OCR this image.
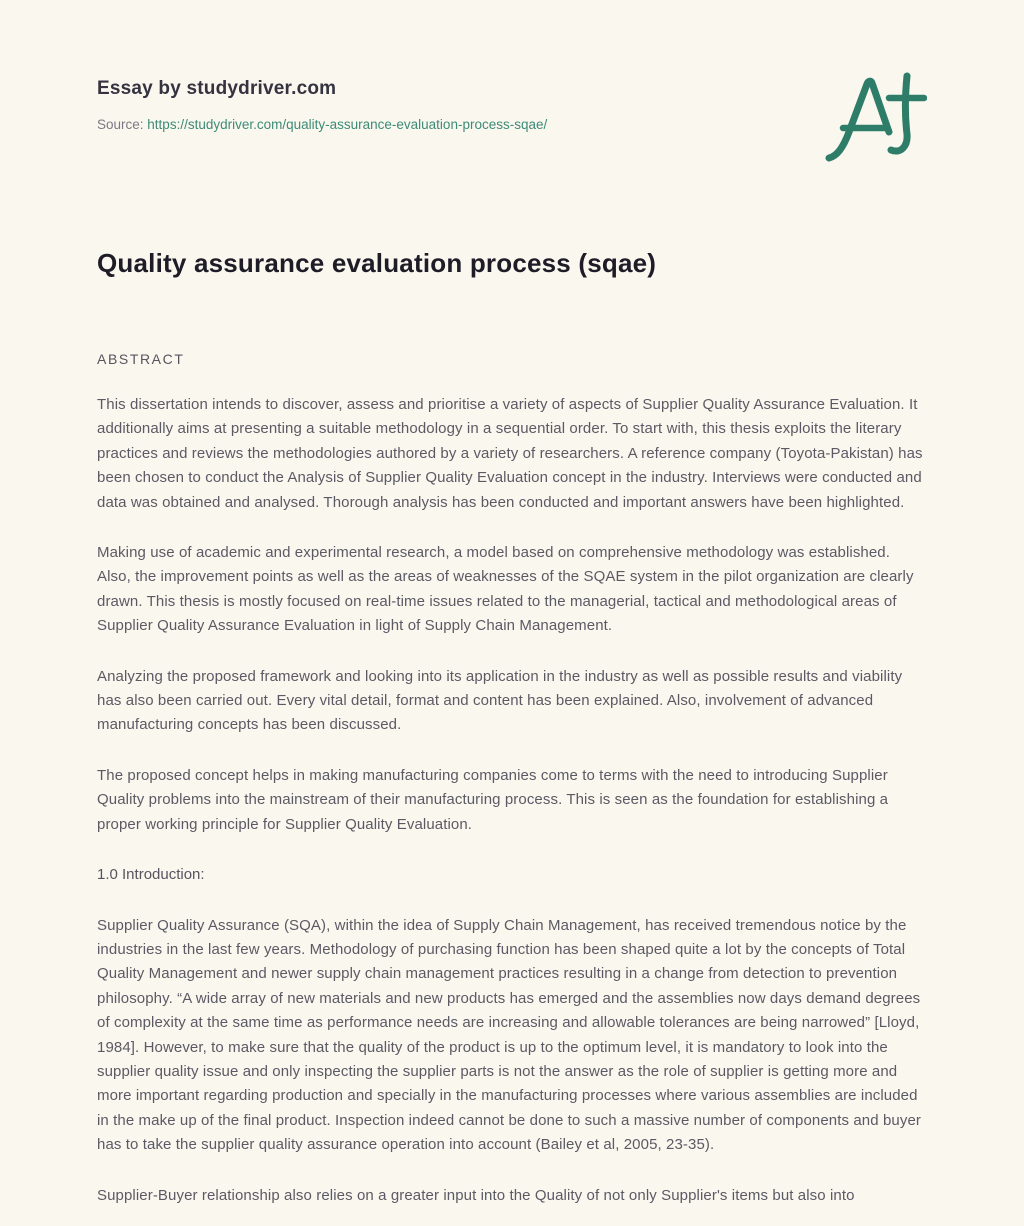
Essay by studydriver.com
Source: https://studydriver.com/quality-assurance-evaluation-process-sqae/
Quality assurance evaluation process (sqae)
ABSTRACT

This dissertation intends to discover, assess and prioritise a variety of aspects of Supplier Quality Assurance Evaluation. It additionally aims at presenting a suitable methodology in a sequential order. To start with, this thesis exploits the literary practices and reviews the methodologies authored by a variety of researchers. A reference company (Toyota-Pakistan) has been chosen to conduct the Analysis of Supplier Quality Evaluation concept in the industry. Interviews were conducted and data was obtained and analysed. Thorough analysis has been conducted and important answers have been highlighted.

Making use of academic and experimental research, a model based on comprehensive methodology was established. Also, the improvement points as well as the areas of weaknesses of the SQAE system in the pilot organization are clearly drawn. This thesis is mostly focused on real-time issues related to the managerial, tactical and methodological areas of Supplier Quality Assurance Evaluation in light of Supply Chain Management.

Analyzing the proposed framework and looking into its application in the industry as well as possible results and viability has also been carried out. Every vital detail, format and content has been explained. Also, involvement of advanced manufacturing concepts has been discussed.

The proposed concept helps in making manufacturing companies come to terms with the need to introducing Supplier Quality problems into the mainstream of their manufacturing process. This is seen as the foundation for establishing a proper working principle for Supplier Quality Evaluation.

1.0 Introduction:

Supplier Quality Assurance (SQA), within the idea of Supply Chain Management, has received tremendous notice by the industries in the last few years. Methodology of purchasing function has been shaped quite a lot by the concepts of Total Quality Management and newer supply chain management practices resulting in a change from detection to prevention philosophy. “A wide array of new materials and new products has emerged and the assemblies now days demand degrees of complexity at the same time as performance needs are increasing and allowable tolerances are being narrowed” [Lloyd, 1984]. However, to make sure that the quality of the product is up to the optimum level, it is mandatory to look into the supplier quality issue and only inspecting the supplier parts is not the answer as the role of supplier is getting more and more important regarding production and specially in the manufacturing processes where various assemblies are included in the make up of the final product. Inspection indeed cannot be done to such a massive number of components and buyer has to take the supplier quality assurance operation into account (Bailey et al, 2005, 23-35).

Supplier-Buyer relationship also relies on a greater input into the Quality of not only Supplier's items but also into
